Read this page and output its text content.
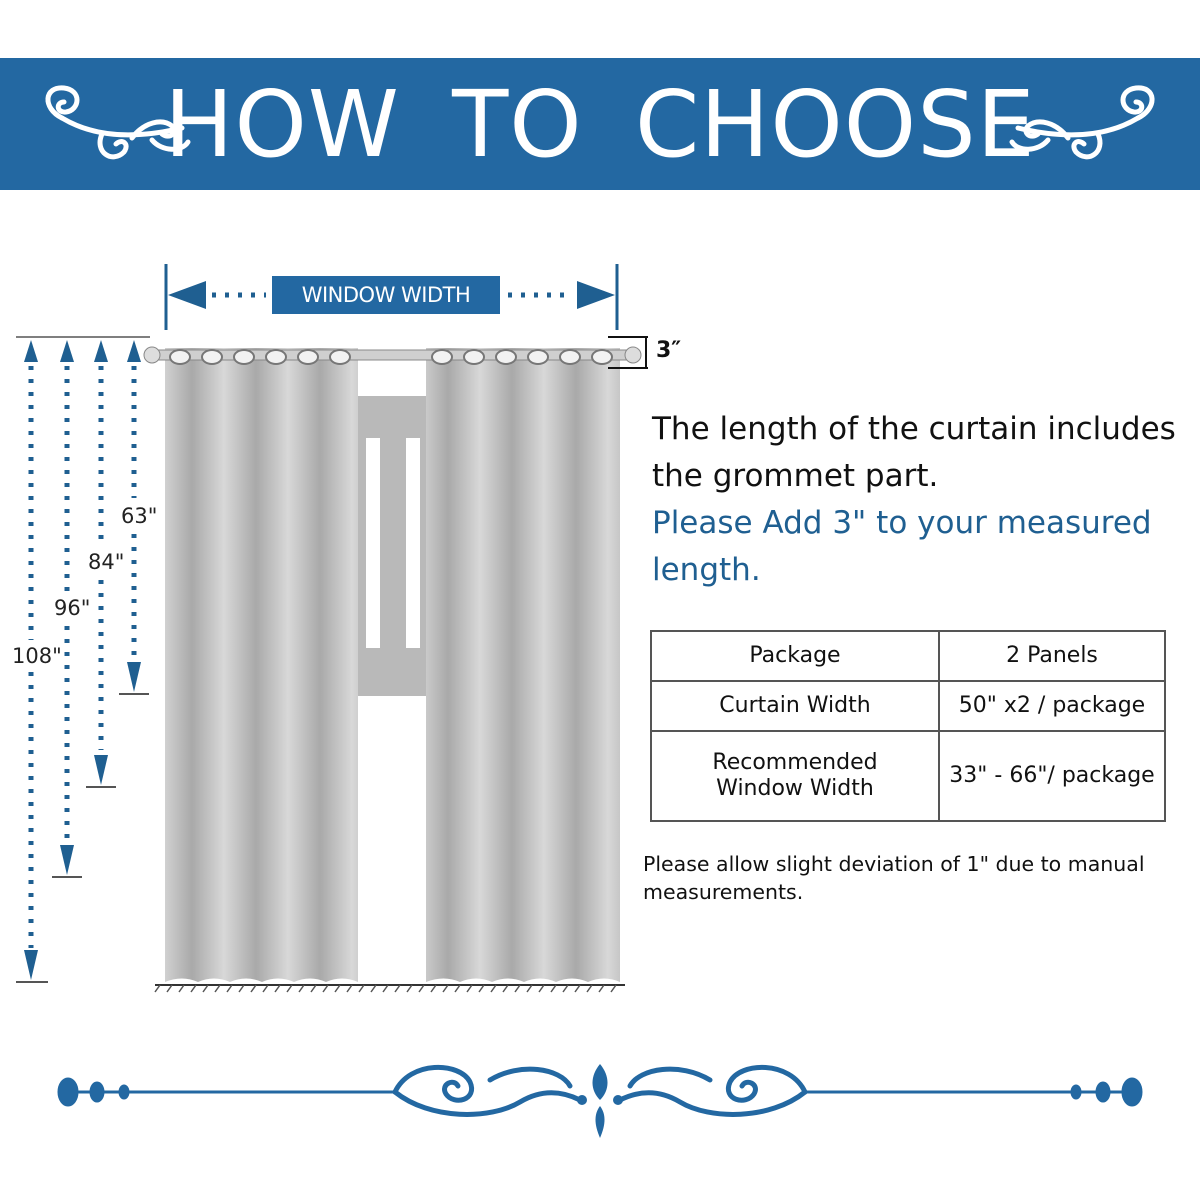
HOW TO CHOOSE
WINDOW WIDTH
3″
63"
84"
96"
108"
The length of the curtain includes
the grommet part.
Please Add 3" to your measured
length.
Package	2 Panels
Curtain Width	50" x2 / package

Recommended
Window Width	33" - 66"/ package
Please allow slight deviation of 1" due to manual measurements.
